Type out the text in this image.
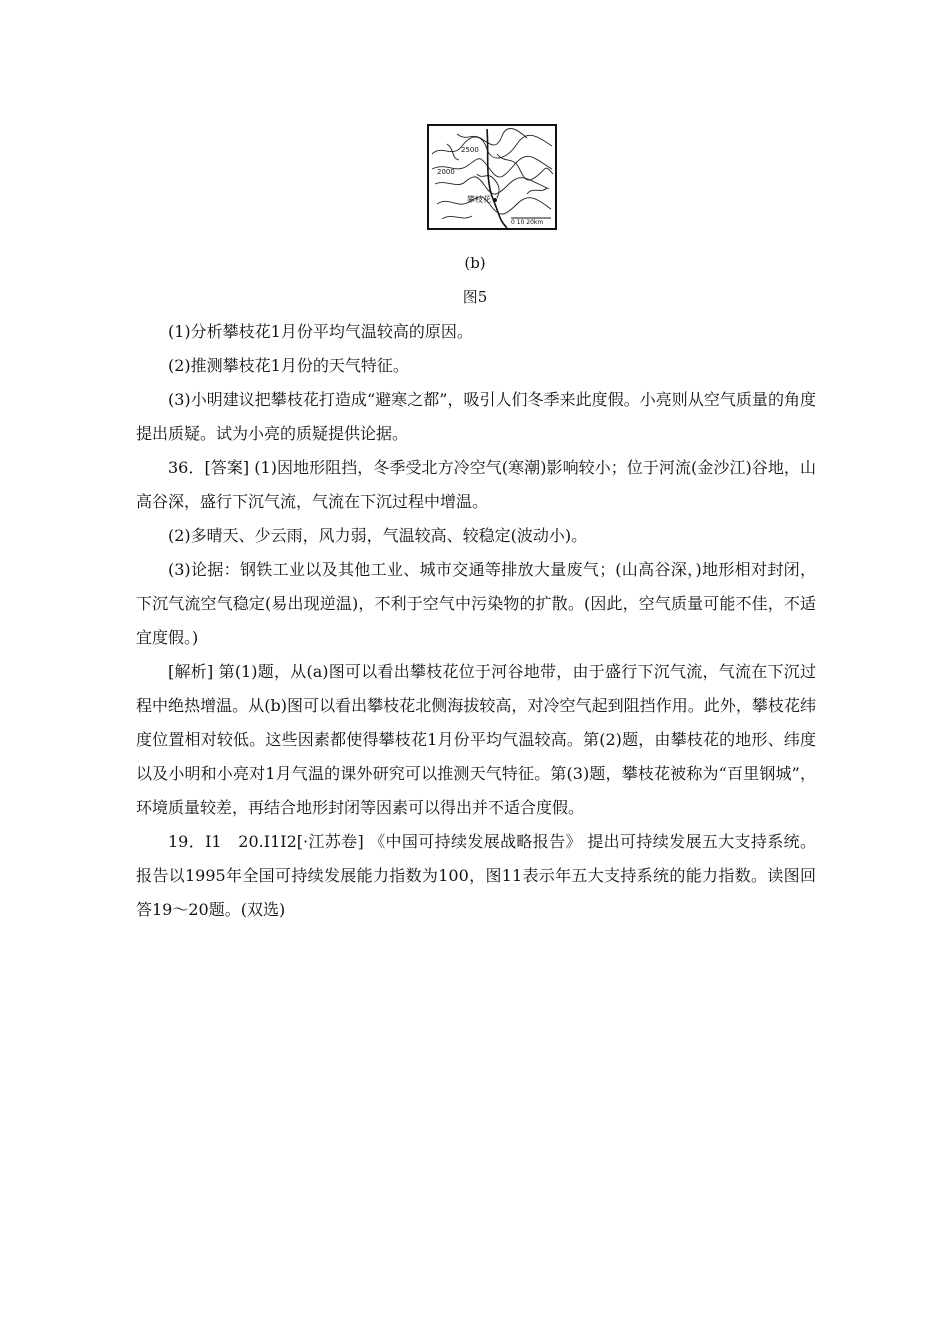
2500
2000
攀枝花
0 10 20km
(b)
图5

(1)分析攀枝花1月份平均气温较高的原因。

(2)推测攀枝花1月份的天气特征。

(3)小明建议把攀枝花打造成“避寒之都”，吸引人们冬季来此度假。小亮则从空气质量的角度提出质疑。试为小亮的质疑提供论据。

36．[答案] (1)因地形阻挡，冬季受北方冷空气(寒潮)影响较小；位于河流(金沙江)谷地，山高谷深，盛行下沉气流，气流在下沉过程中增温。

(2)多晴天、少云雨，风力弱，气温较高、较稳定(波动小)。

(3)论据：钢铁工业以及其他工业、城市交通等排放大量废气；(山高谷深，)地形相对封闭，下沉气流空气稳定(易出现逆温)，不利于空气中污染物的扩散。(因此，空气质量可能不佳，不适宜度假。)

[解析] 第(1)题，从(a)图可以看出攀枝花位于河谷地带，由于盛行下沉气流，气流在下沉过程中绝热增温。从(b)图可以看出攀枝花北侧海拔较高，对冷空气起到阻挡作用。此外，攀枝花纬度位置相对较低。这些因素都使得攀枝花1月份平均气温较高。第(2)题，由攀枝花的地形、纬度以及小明和小亮对1月气温的课外研究可以推测天气特征。第(3)题，攀枝花被称为“百里钢城”，环境质量较差，再结合地形封闭等因素可以得出并不适合度假。

19．I1　20.I1I2[·江苏卷] 《中国可持续发展战略报告》 提出可持续发展五大支持系统。报告以1995年全国可持续发展能力指数为100，图11表示年五大支持系统的能力指数。读图回答19～20题。(双选)
